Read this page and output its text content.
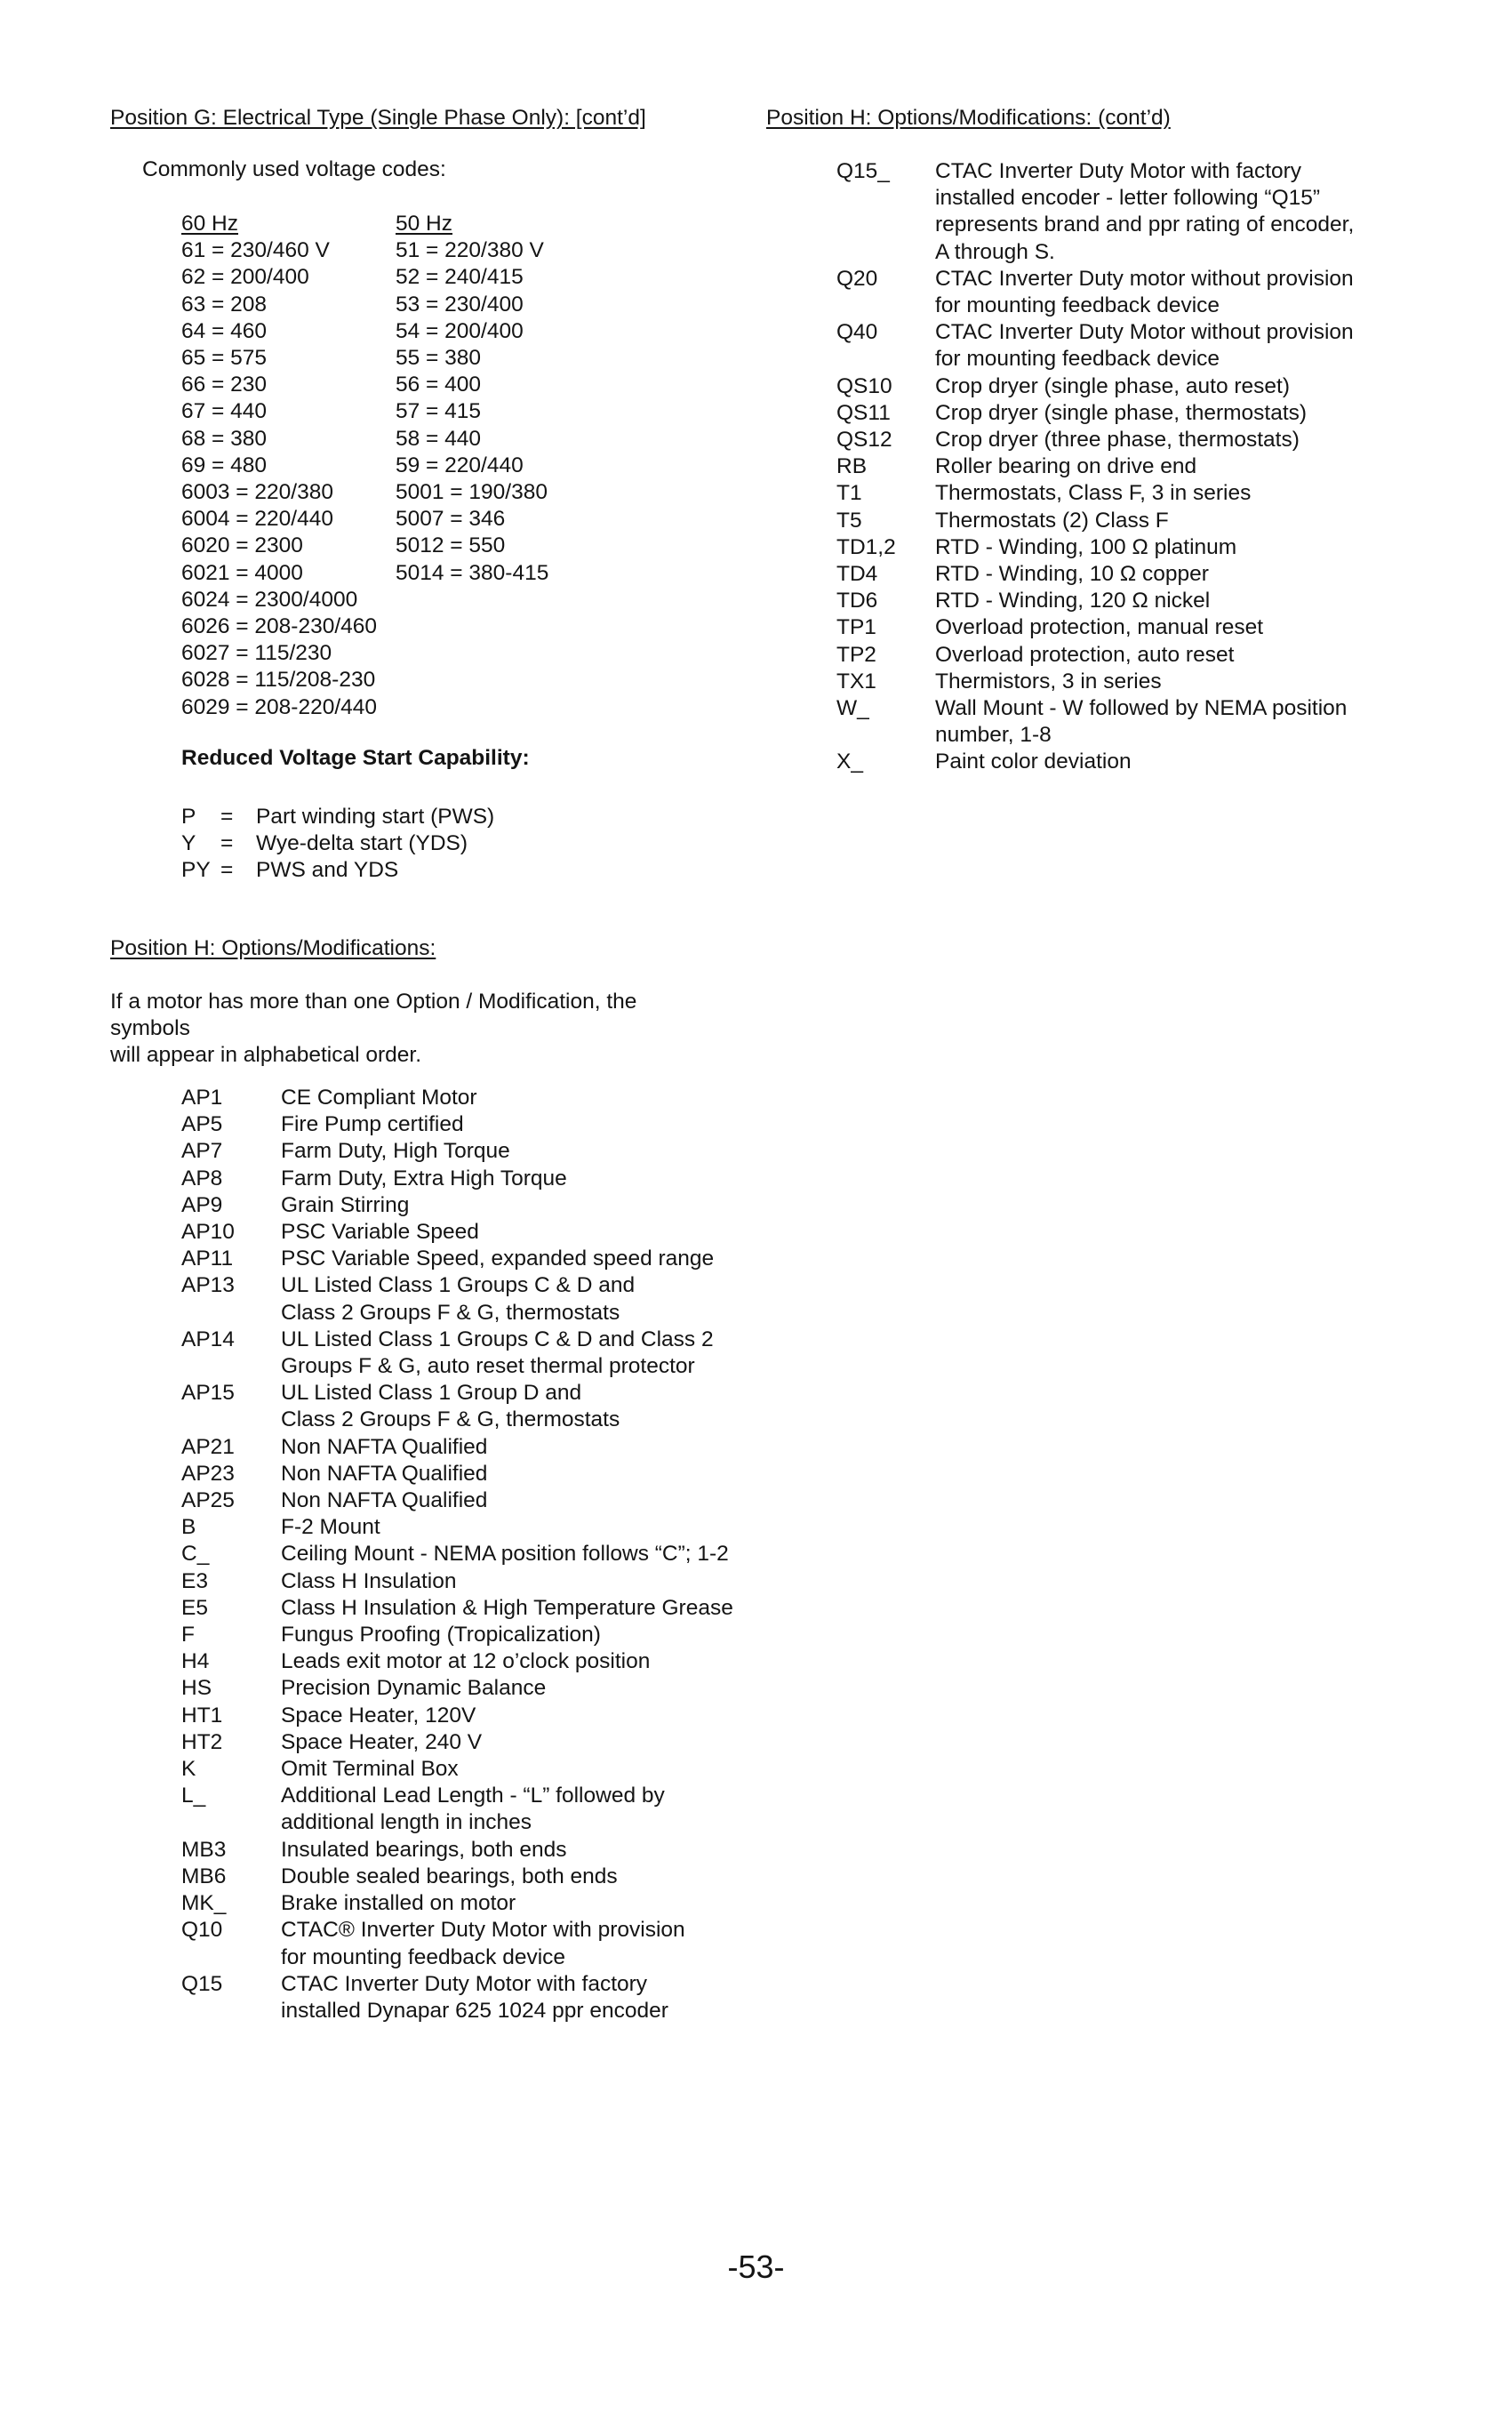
Position G: Electrical Type (Single Phase Only): [cont’d]
Commonly used voltage codes:
60 Hz	50 Hz
61 = 230/460 V	51 = 220/380 V
62 = 200/400	52 = 240/415
63 = 208	53 = 230/400
64 = 460	54 = 200/400
65 = 575	55 = 380
66 = 230	56 = 400
67 = 440	57 = 415
68 = 380	58 = 440
69 = 480	59 = 220/440
6003 = 220/380	5001 = 190/380
6004 = 220/440	5007 = 346
6020 = 2300	5012 = 550
6021 = 4000	5014 = 380-415
6024 = 2300/4000
6026 = 208-230/460
6027 = 115/230
6028 = 115/208-230
6029 = 208-220/440
Reduced Voltage Start Capability:
P	=	Part winding start (PWS)
Y	=	Wye-delta start (YDS)
PY =	PWS and YDS
Position H: Options/Modifications:
If a motor has more than one Option / Modification, the
symbols
will appear in alphabetical order.
AP1	CE Compliant Motor
AP5	Fire Pump certified
AP7	Farm Duty, High Torque
AP8	Farm Duty, Extra High Torque
AP9	Grain Stirring
AP10	PSC Variable Speed
AP11	PSC Variable Speed, expanded speed range
AP13	UL Listed Class 1 Groups C & D and
Class 2 Groups F & G, thermostats
AP14	UL Listed Class 1 Groups C & D and Class 2
Groups F & G, auto reset thermal protector
AP15	UL Listed Class 1 Group D and
Class 2 Groups F & G, thermostats
AP21	Non NAFTA Qualified
AP23	Non NAFTA Qualified
AP25	Non NAFTA Qualified
B	F-2 Mount
C_	Ceiling Mount - NEMA position follows “C”; 1-2
E3	Class H Insulation
E5	Class H Insulation & High Temperature Grease
F	Fungus Proofing (Tropicalization)
H4	Leads exit motor at 12 o’clock position
HS	Precision Dynamic Balance
HT1	Space Heater, 120V
HT2	Space Heater, 240 V
K	Omit Terminal Box
L_	Additional Lead Length - “L” followed by
additional length in inches
MB3	Insulated bearings, both ends
MB6	Double sealed bearings, both ends
MK_	Brake installed on motor
Q10	CTAC® Inverter Duty Motor with provision
for mounting feedback device
Q15	CTAC Inverter Duty Motor with factory
installed Dynapar 625 1024 ppr encoder
Position H: Options/Modifications: (cont’d)
Q15_	CTAC Inverter Duty Motor with factory
installed encoder - letter following “Q15”
represents brand and ppr rating of encoder,
A through S.
Q20	CTAC Inverter Duty motor without provision
for mounting feedback device
Q40	CTAC Inverter Duty Motor without provision
for mounting feedback device
QS10	Crop dryer (single phase, auto reset)
QS11	Crop dryer (single phase, thermostats)
QS12	Crop dryer (three phase, thermostats)
RB	Roller bearing on drive end
T1	Thermostats, Class F, 3 in series
T5	Thermostats (2) Class F
TD1,2	RTD - Winding, 100 Ω platinum
TD4	RTD - Winding, 10 Ω copper
TD6	RTD - Winding, 120 Ω nickel
TP1	Overload protection, manual reset
TP2	Overload protection, auto reset
TX1	Thermistors, 3 in series
W_	Wall Mount - W followed by NEMA position
number, 1-8
X_	Paint color deviation
-53-
